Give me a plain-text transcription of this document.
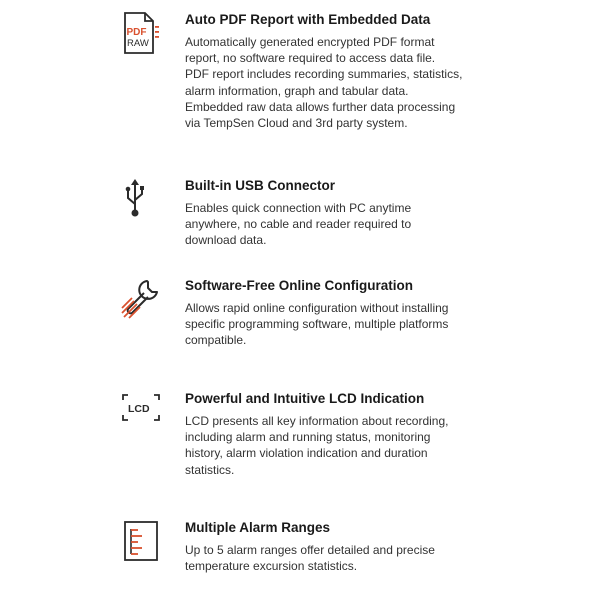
PDF
RAW
Auto PDF Report with Embedded Data
Automatically generated encrypted PDF format
report, no software required to access data file.
PDF report includes recording summaries, statistics,
alarm information, graph and tabular data.
Embedded raw data allows further data processing
via TempSen Cloud and 3rd party system.
Built-in USB Connector
Enables quick connection with PC anytime
anywhere, no cable and reader required to
download data.
Software-Free Online Configuration
Allows rapid online configuration without installing
specific programming software, multiple platforms
compatible.
LCD
Powerful and Intuitive LCD Indication
LCD presents all key information about recording,
including alarm and running status, monitoring
history, alarm violation indication and duration
statistics.
Multiple Alarm Ranges
Up to 5 alarm ranges offer detailed and precise
temperature excursion statistics.
